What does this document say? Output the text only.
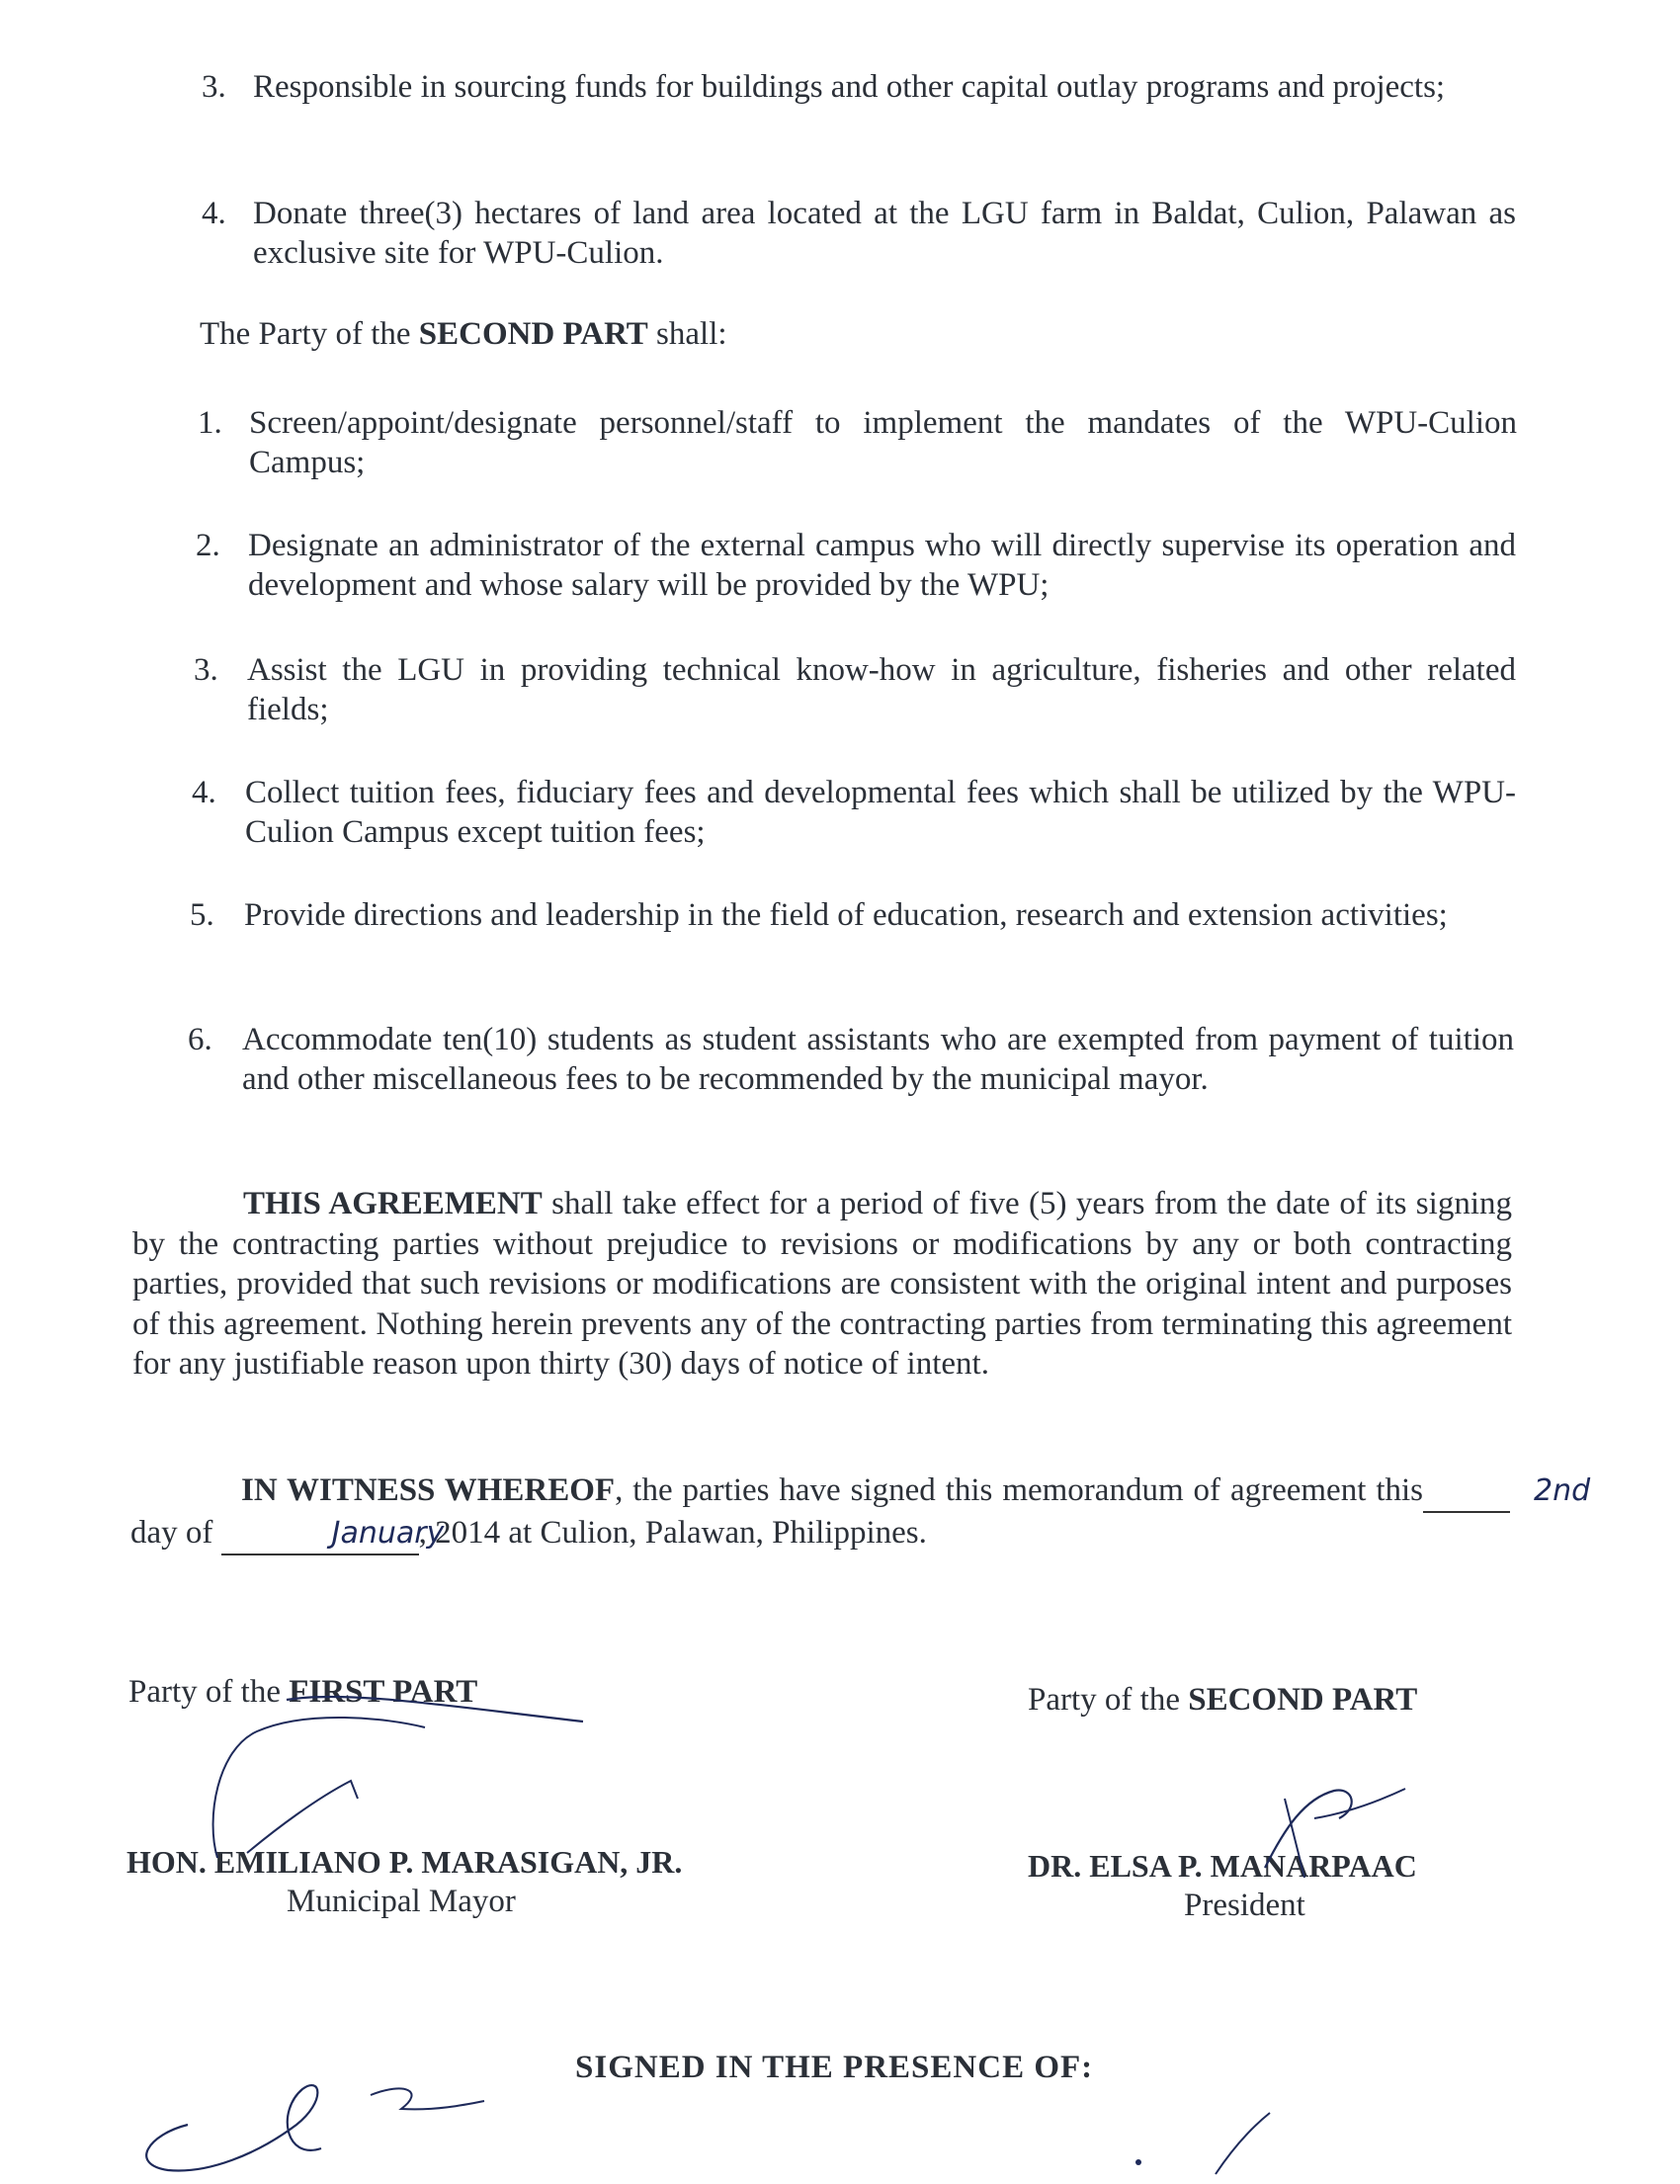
3. Responsible in sourcing funds for buildings and other capital outlay programs and projects;
4. Donate three(3) hectares of land area located at the LGU farm in Baldat, Culion, Palawan as exclusive site for WPU-Culion.
The Party of the SECOND PART shall:
1. Screen/appoint/designate personnel/staff to implement the mandates of the WPU-Culion Campus;
2. Designate an administrator of the external campus who will directly supervise its operation and development and whose salary will be provided by the WPU;
3. Assist the LGU in providing technical know-how in agriculture, fisheries and other related fields;
4. Collect tuition fees, fiduciary fees and developmental fees which shall be utilized by the WPU-Culion Campus except tuition fees;
5. Provide directions and leadership in the field of education, research and extension activities;
6. Accommodate ten(10) students as student assistants who are exempted from payment of tuition and other miscellaneous fees to be recommended by the municipal mayor.
THIS AGREEMENT shall take effect for a period of five (5) years from the date of its signing by the contracting parties without prejudice to revisions or modifications by any or both contracting parties, provided that such revisions or modifications are consistent with the original intent and purposes of this agreement. Nothing herein prevents any of the contracting parties from terminating this agreement for any justifiable reason upon thirty (30) days of notice of intent.
IN WITNESS WHEREOF, the parties have signed this memorandum of agreement this	2nd day of	January, 2014 at Culion, Palawan, Philippines.
Party of the FIRST PART
HON. EMILIANO P. MARASIGAN, JR.
Municipal Mayor
Party of the SECOND PART
DR. ELSA P. MANARPAAC
President
SIGNED IN THE PRESENCE OF:
